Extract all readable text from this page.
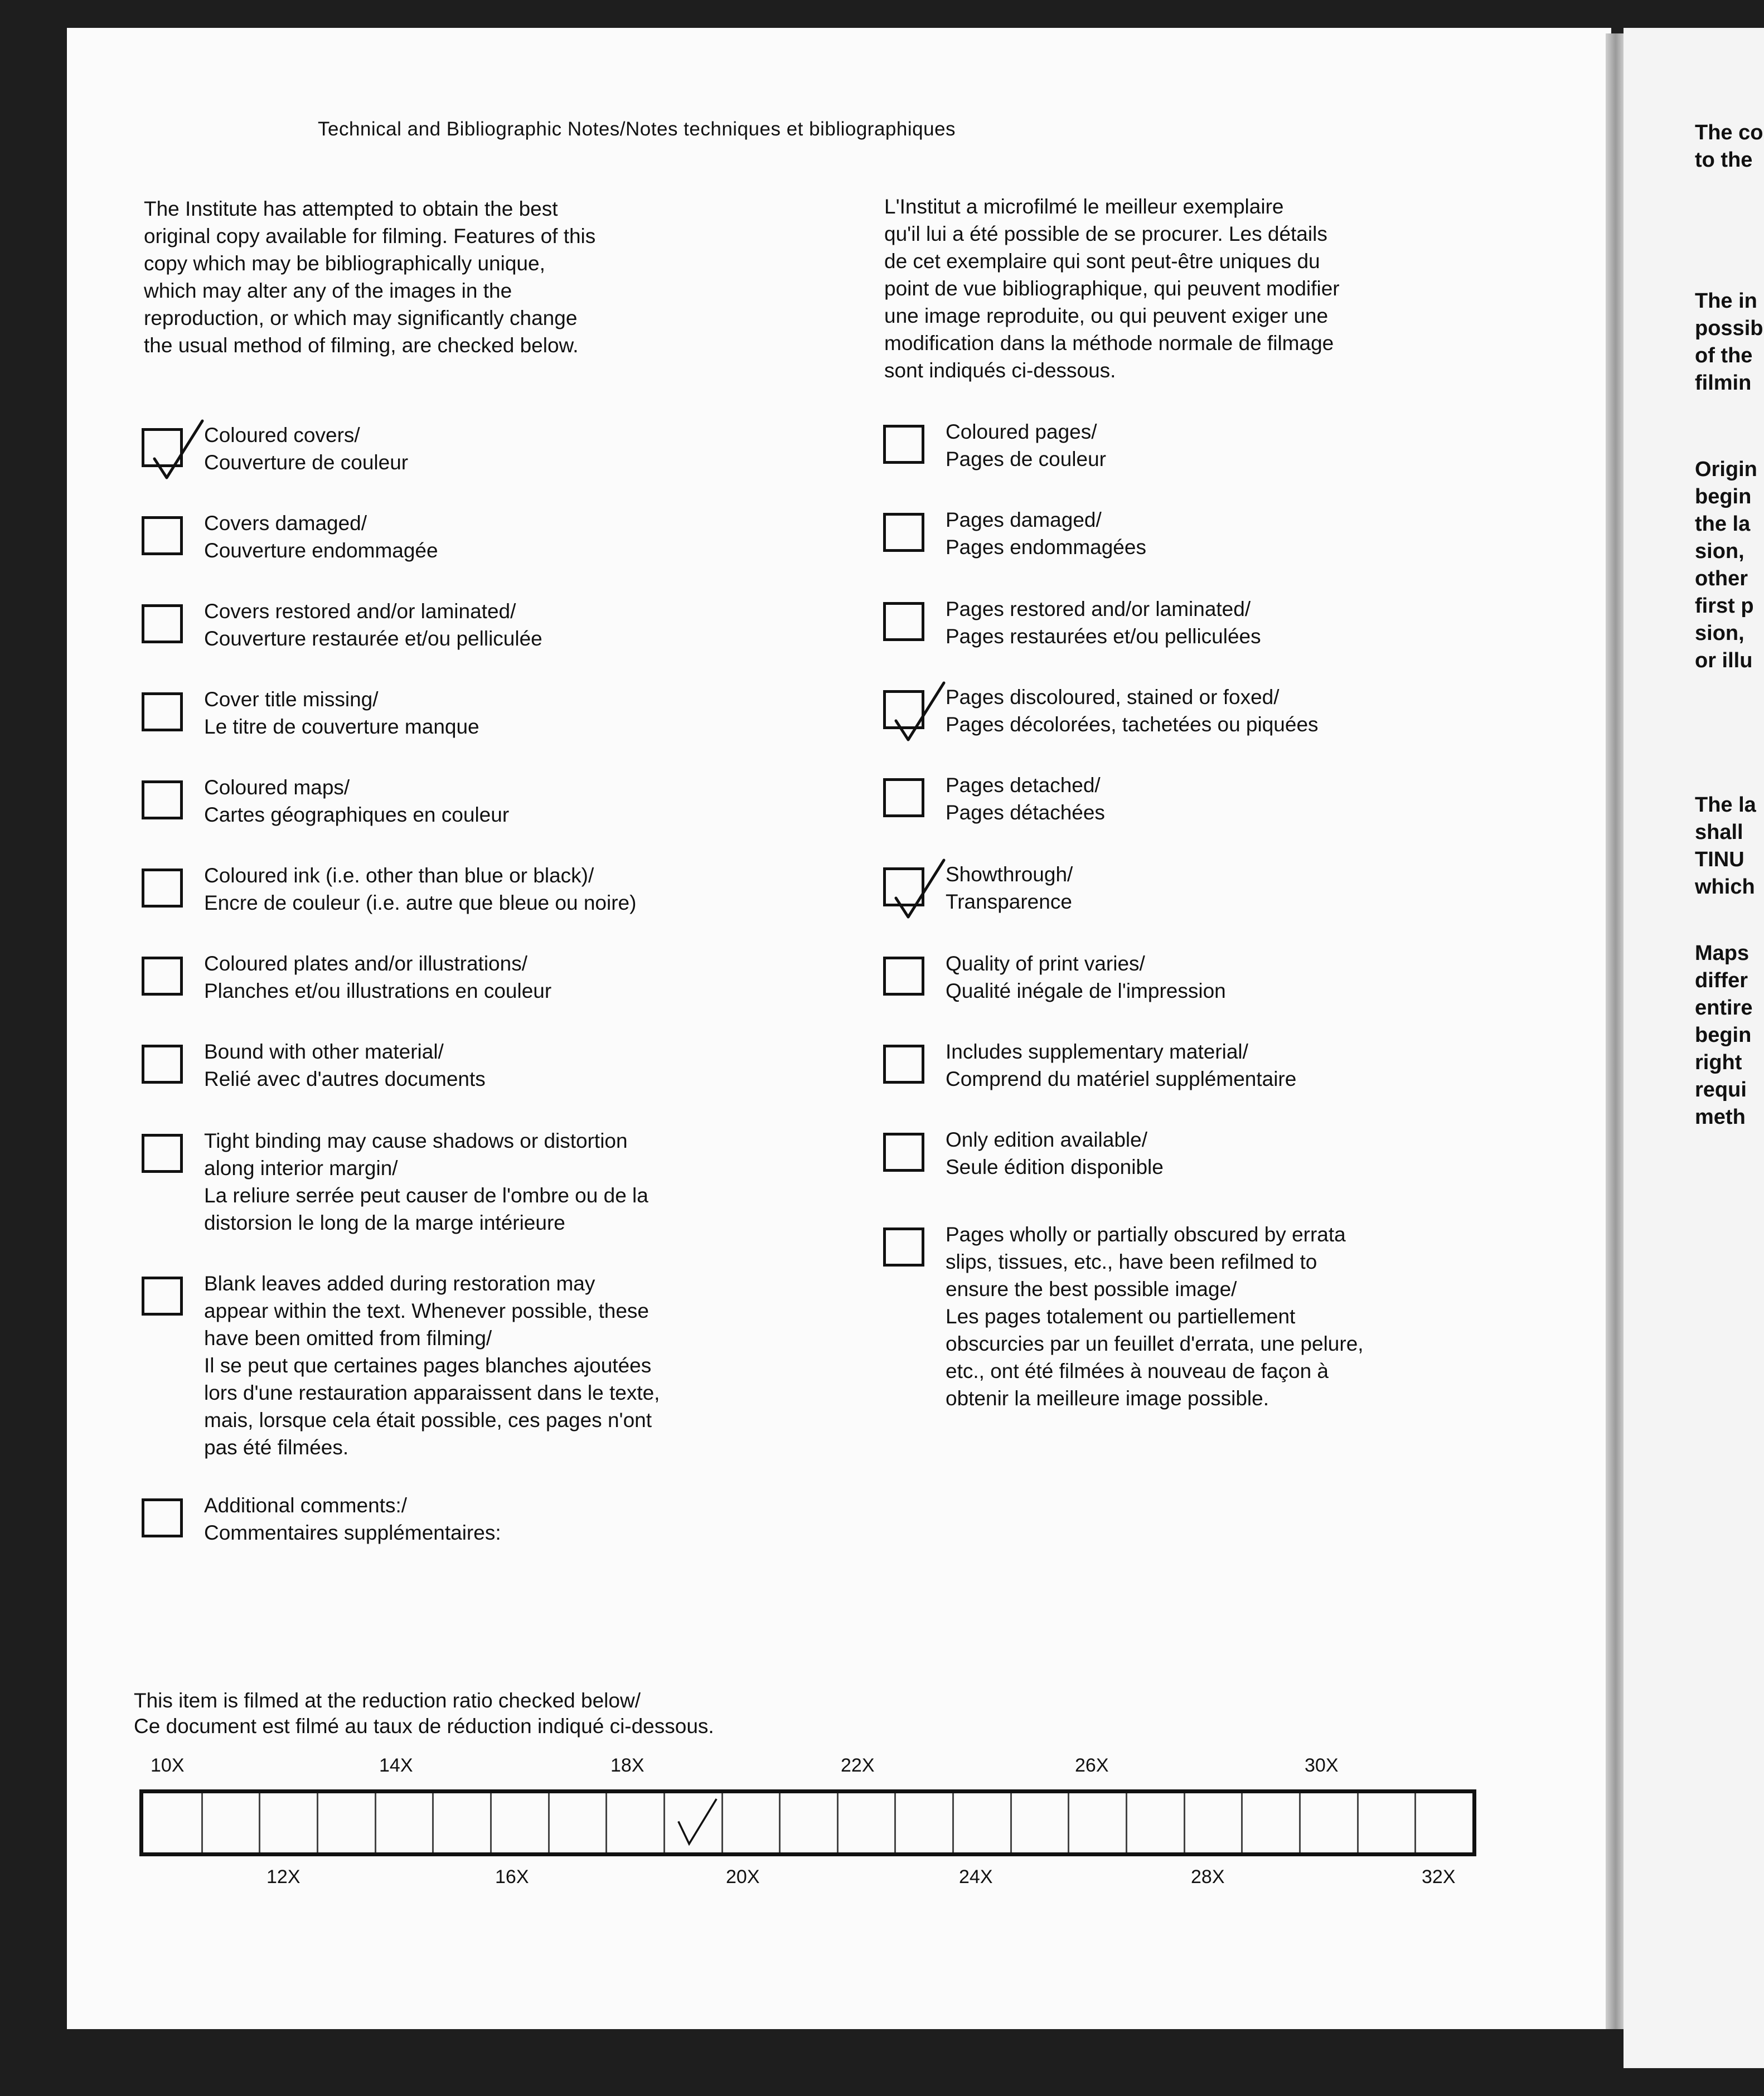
Technical and Bibliographic Notes/Notes techniques et bibliographiques
The Institute has attempted to obtain the best
original copy available for filming. Features of this
copy which may be bibliographically unique,
which may alter any of the images in the
reproduction, or which may significantly change
the usual method of filming, are checked below.
L'Institut a microfilmé le meilleur exemplaire
qu'il lui a été possible de se procurer. Les détails
de cet exemplaire qui sont peut-être uniques du
point de vue bibliographique, qui peuvent modifier
une image reproduite, ou qui peuvent exiger une
modification dans la méthode normale de filmage
sont indiqués ci-dessous.
Coloured covers/
Couverture de couleur
Covers damaged/
Couverture endommagée
Covers restored and/or laminated/
Couverture restaurée et/ou pelliculée
Cover title missing/
Le titre de couverture manque
Coloured maps/
Cartes géographiques en couleur
Coloured ink (i.e. other than blue or black)/
Encre de couleur (i.e. autre que bleue ou noire)
Coloured plates and/or illustrations/
Planches et/ou illustrations en couleur
Bound with other material/
Relié avec d'autres documents
Tight binding may cause shadows or distortion
along interior margin/
La reliure serrée peut causer de l'ombre ou de la
distorsion le long de la marge intérieure
Blank leaves added during restoration may
appear within the text. Whenever possible, these
have been omitted from filming/
Il se peut que certaines pages blanches ajoutées
lors d'une restauration apparaissent dans le texte,
mais, lorsque cela était possible, ces pages n'ont
pas été filmées.
Additional comments:/
Commentaires supplémentaires:
Coloured pages/
Pages de couleur
Pages damaged/
Pages endommagées
Pages restored and/or laminated/
Pages restaurées et/ou pelliculées
Pages discoloured, stained or foxed/
Pages décolorées, tachetées ou piquées
Pages detached/
Pages détachées
Showthrough/
Transparence
Quality of print varies/
Qualité inégale de l'impression
Includes supplementary material/
Comprend du matériel supplémentaire
Only edition available/
Seule édition disponible
Pages wholly or partially obscured by errata
slips, tissues, etc., have been refilmed to
ensure the best possible image/
Les pages totalement ou partiellement
obscurcies par un feuillet d'errata, une pelure,
etc., ont été filmées à nouveau de façon à
obtenir la meilleure image possible.
This item is filmed at the reduction ratio checked below/
Ce document est filmé au taux de réduction indiqué ci-dessous.
10X	14X	18X	22X	26X	30X
12X	16X	20X	24X	28X	32X
The co
to the
The in
possib
of the
filmin
Origin
begin
the la
sion,
other
first p
sion,
or illu
The la
shall
TINU
which
Maps
differ
entire
begin
right
requi
meth
